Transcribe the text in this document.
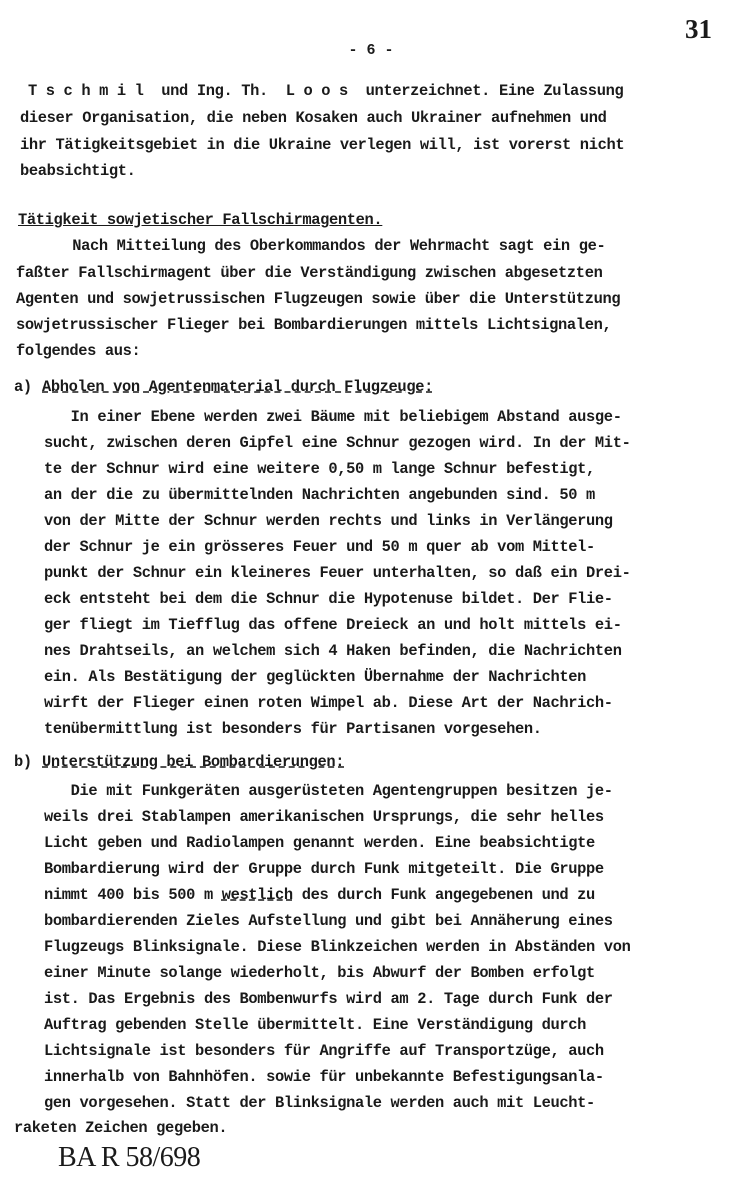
31
- 6 -
T s c h m i l  und Ing. Th.  L o o s  unterzeichnet. Eine Zulassung
dieser Organisation, die neben Kosaken auch Ukrainer aufnehmen und
ihr Tätigkeitsgebiet in die Ukraine verlegen will, ist vorerst nicht
beabsichtigt.
Tätigkeit sowjetischer Fallschirmagenten.
Nach Mitteilung des Oberkommandos der Wehrmacht sagt ein ge-
faßter Fallschirmagent über die Verständigung zwischen abgesetzten
Agenten und sowjetrussischen Flugzeugen sowie über die Unterstützung
sowjetrussischer Flieger bei Bombardierungen mittels Lichtsignalen,
folgendes aus:
a) Abholen von Agentenmaterial durch Flugzeuge:
In einer Ebene werden zwei Bäume mit beliebigem Abstand ausge-
sucht, zwischen deren Gipfel eine Schnur gezogen wird. In der Mit-
te der Schnur wird eine weitere 0,50 m lange Schnur befestigt,
an der die zu übermittelnden Nachrichten angebunden sind. 50 m
von der Mitte der Schnur werden rechts und links in Verlängerung
der Schnur je ein grösseres Feuer und 50 m quer ab vom Mittel-
punkt der Schnur ein kleineres Feuer unterhalten, so daß ein Drei-
eck entsteht bei dem die Schnur die Hypotenuse bildet. Der Flie-
ger fliegt im Tiefflug das offene Dreieck an und holt mittels ei-
nes Drahtseils, an welchem sich 4 Haken befinden, die Nachrichten
ein. Als Bestätigung der geglückten Übernahme der Nachrichten
wirft der Flieger einen roten Wimpel ab. Diese Art der Nachrich-
tenübermittlung ist besonders für Partisanen vorgesehen.
b) Unterstützung bei Bombardierungen:
Die mit Funkgeräten ausgerüsteten Agentengruppen besitzen je-
weils drei Stablampen amerikanischen Ursprungs, die sehr helles
Licht geben und Radiolampen genannt werden. Eine beabsichtigte
Bombardierung wird der Gruppe durch Funk mitgeteilt. Die Gruppe
nimmt 400 bis 500 m westlich des durch Funk angegebenen und zu
bombardierenden Zieles Aufstellung und gibt bei Annäherung eines
Flugzeugs Blinksignale. Diese Blinkzeichen werden in Abständen von
einer Minute solange wiederholt, bis Abwurf der Bomben erfolgt
ist. Das Ergebnis des Bombenwurfs wird am 2. Tage durch Funk der
Auftrag gebenden Stelle übermittelt. Eine Verständigung durch
Lichtsignale ist besonders für Angriffe auf Transportzüge, auch
innerhalb von Bahnhöfen. sowie für unbekannte Befestigungsanla-
gen vorgesehen. Statt der Blinksignale werden auch mit Leucht-
raketen Zeichen gegeben.
BA R 58/698
